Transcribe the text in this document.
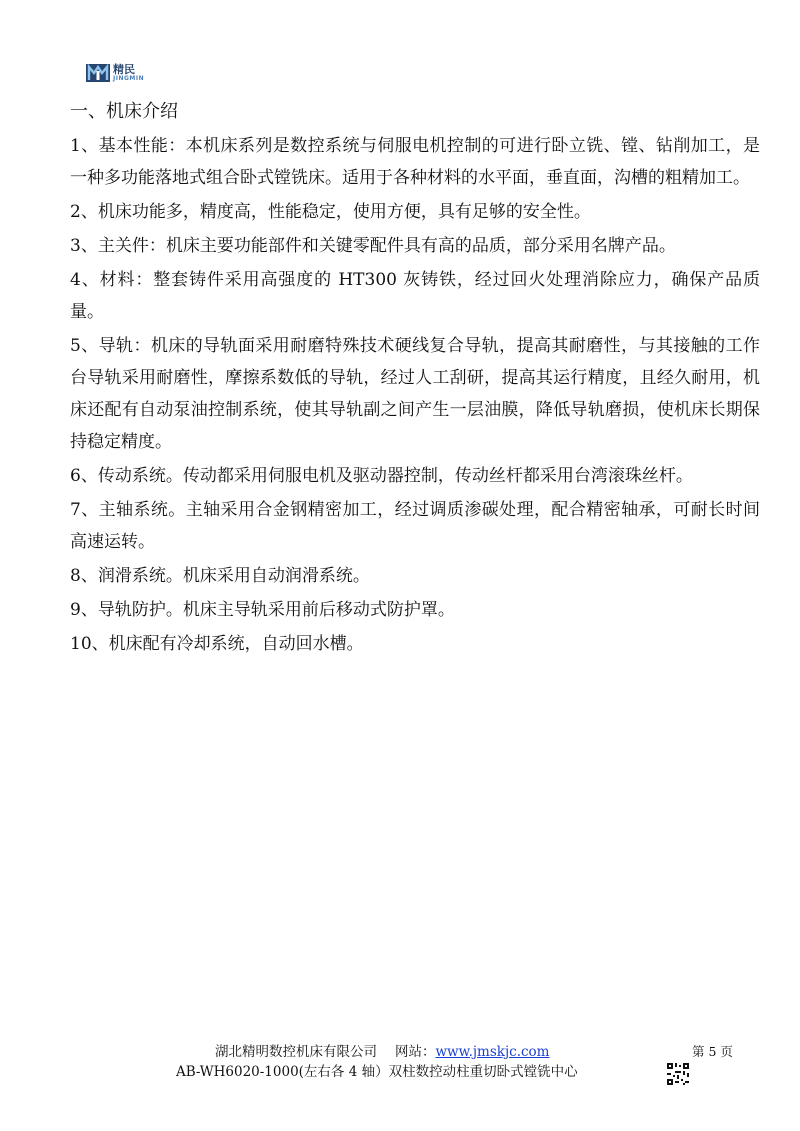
精民
JINGMIN
一、机床介绍

1、基本性能：本机床系列是数控系统与伺服电机控制的可进行卧立铣、镗、钻削加工，是一种多功能落地式组合卧式镗铣床。适用于各种材料的水平面，垂直面，沟槽的粗精加工。

2、机床功能多，精度高，性能稳定，使用方便，具有足够的安全性。

3、主关件：机床主要功能部件和关键零配件具有高的品质，部分采用名牌产品。

4、材料：整套铸件采用高强度的 HT300 灰铸铁，经过回火处理消除应力，确保产品质量。

5、导轨：机床的导轨面采用耐磨特殊技术硬线复合导轨，提高其耐磨性，与其接触的工作台导轨采用耐磨性，摩擦系数低的导轨，经过人工刮研，提高其运行精度，且经久耐用，机床还配有自动泵油控制系统，使其导轨副之间产生一层油膜，降低导轨磨损，使机床长期保持稳定精度。

6、传动系统。传动都采用伺服电机及驱动器控制，传动丝杆都采用台湾滚珠丝杆。

7、主轴系统。主轴采用合金钢精密加工，经过调质渗碳处理，配合精密轴承，可耐长时间高速运转。

8、润滑系统。机床采用自动润滑系统。

9、导轨防护。机床主导轨采用前后移动式防护罩。

10、机床配有冷却系统，自动回水槽。

湖北精明数控机床有限公司 网站：www.jmskjc.com	第 5 页
AB-WH6020-1000(左右各 4 轴）双柱数控动柱重切卧式镗铣中心
